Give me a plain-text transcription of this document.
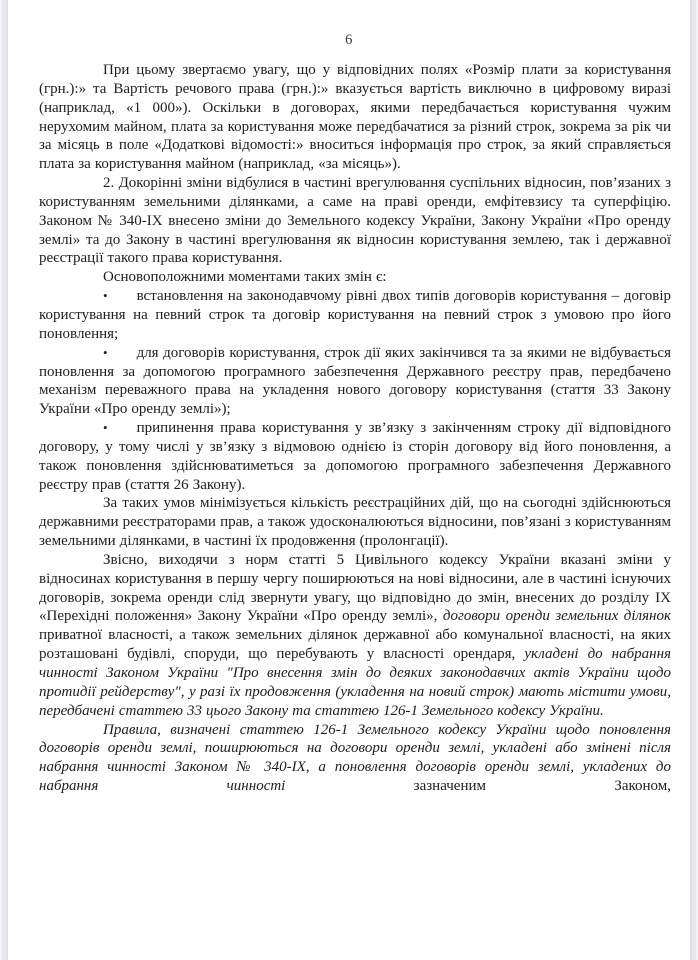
6

При цьому звертаємо увагу, що у відповідних полях «Розмір плати за користування (грн.):» та Вартість речового права (грн.):» вказується вартість виключно в цифровому виразі (наприклад, «1 000»). Оскільки в договорах, якими передбачається користування чужим нерухомим майном, плата за користування може передбачатися за різний строк, зокрема за рік чи за місяць в поле «Додаткові відомості:» вноситься інформація про строк, за який справляється плата за користування майном (наприклад, «за місяць»).

2. Докорінні зміни відбулися в частині врегулювання суспільних відносин, пов’язаних з користуванням земельними ділянками, а саме на праві оренди, емфітевзису та суперфіцію. Законом № 340-ІХ внесено зміни до Земельного кодексу України, Закону України «Про оренду землі» та до Закону в частині врегулювання як відносин користування землею, так і державної реєстрації такого права користування.

Основоположними моментами таких змін є:

• встановлення на законодавчому рівні двох типів договорів користування – договір користування на певний строк та договір користування на певний строк з умовою про його поновлення;

• для договорів користування, строк дії яких закінчився та за якими не відбувається поновлення за допомогою програмного забезпечення Державного реєстру прав, передбачено механізм переважного права на укладення нового договору користування (стаття 33 Закону України «Про оренду землі»);

• припинення права користування у зв’язку з закінченням строку дії відповідного договору, у тому числі у зв’язку з відмовою однією із сторін договору від його поновлення, а також поновлення здійснюватиметься за допомогою програмного забезпечення Державного реєстру прав (стаття 26 Закону).

За таких умов мінімізується кількість реєстраційних дій, що на сьогодні здійснюються державними реєстраторами прав, а також удосконалюються відносини, пов’язані з користуванням земельними ділянками, в частині їх продовження (пролонгації).

Звісно, виходячи з норм статті 5 Цивільного кодексу України вказані зміни у відносинах користування в першу чергу поширюються на нові відносини, але в частині існуючих договорів, зокрема оренди слід звернути увагу, що відповідно до змін, внесених до розділу ІХ «Перехідні положення» Закону України «Про оренду землі», договори оренди земельних ділянок приватної власності, а також земельних ділянок державної або комунальної власності, на яких розташовані будівлі, споруди, що перебувають у власності орендаря, укладені до набрання чинності Законом України "Про внесення змін до деяких законодавчих актів України щодо протидії рейдерству", у разі їх продовження (укладення на новий строк) мають містити умови, передбачені статтею 33 цього Закону та статтею 126-1 Земельного кодексу України.

Правила, визначені статтею 126-1 Земельного кодексу України щодо поновлення договорів оренди землі, поширюються на договори оренди землі, укладені або змінені після набрання чинності Законом № 340-ІХ, а поновлення договорів оренди землі, укладених до набрання чинності зазначеним Законом,
